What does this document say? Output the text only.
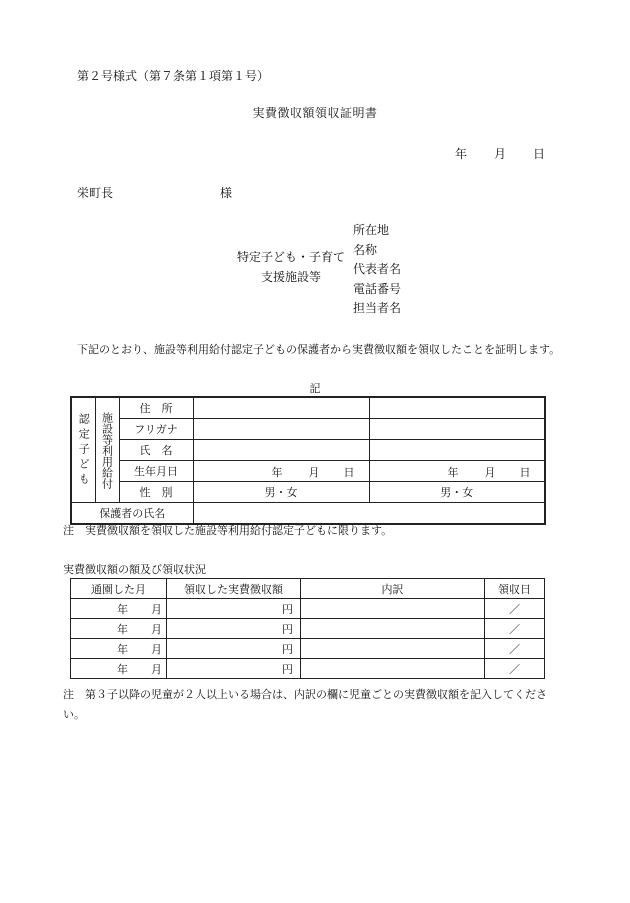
第２号様式（第７条第１項第１号）
実費徴収額領収証明書
年 月 日
栄町長	様
特定子ども・子育て支援施設等
所在地
名称
代表者名
電話番号
担当者名
下記のとおり、施設等利用給付認定子どもの保護者から実費徴収額を領収したことを証明します。
記
認定子ども	施設等利用給付	住　所		
		フリガナ		
		氏　名		
		生年月日	年 月 日	年 月 日

		性　別	男・女	男・女
保護者の氏名				
注　実費徴収額を領収した施設等利用給付認定子どもに限ります。
実費徴収額の額及び領収状況
通園した月	領収した実費徴収額	内訳	領収日

年 月	円		／

年 月	円		／

年 月	円		／

年 月	円		／
注　第３子以降の児童が２人以上いる場合は、内訳の欄に児童ごとの実費徴収額を記入してください。
